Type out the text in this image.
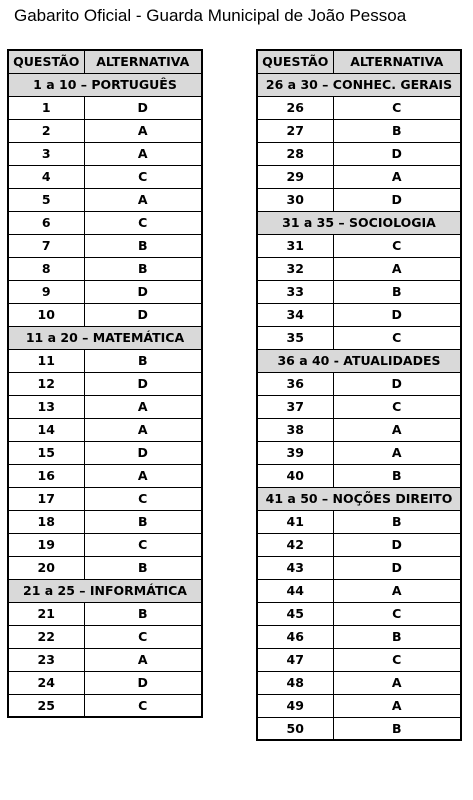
Gabarito Oficial - Guarda Municipal de João Pessoa
QUESTÃO	ALTERNATIVA
1 a 10 – PORTUGUÊS	
1	D
2	A
3	A
4	C
5	A
6	C
7	B
8	B
9	D
10	D
11 a 20 – MATEMÁTICA	
11	B
12	D
13	A
14	A
15	D
16	A
17	C
18	B
19	C
20	B
21 a 25 – INFORMÁTICA	
21	B
22	C
23	A
24	D
25	C
QUESTÃO	ALTERNATIVA
26 a 30 – CONHEC. GERAIS	
26	C
27	B
28	D
29	A
30	D
31 a 35 – SOCIOLOGIA	
31	C
32	A
33	B
34	D
35	C
36 a 40 - ATUALIDADES	
36	D
37	C
38	A
39	A
40	B
41 a 50 – NOÇÕES DIREITO	
41	B
42	D
43	D
44	A
45	C
46	B
47	C
48	A
49	A
50	B
